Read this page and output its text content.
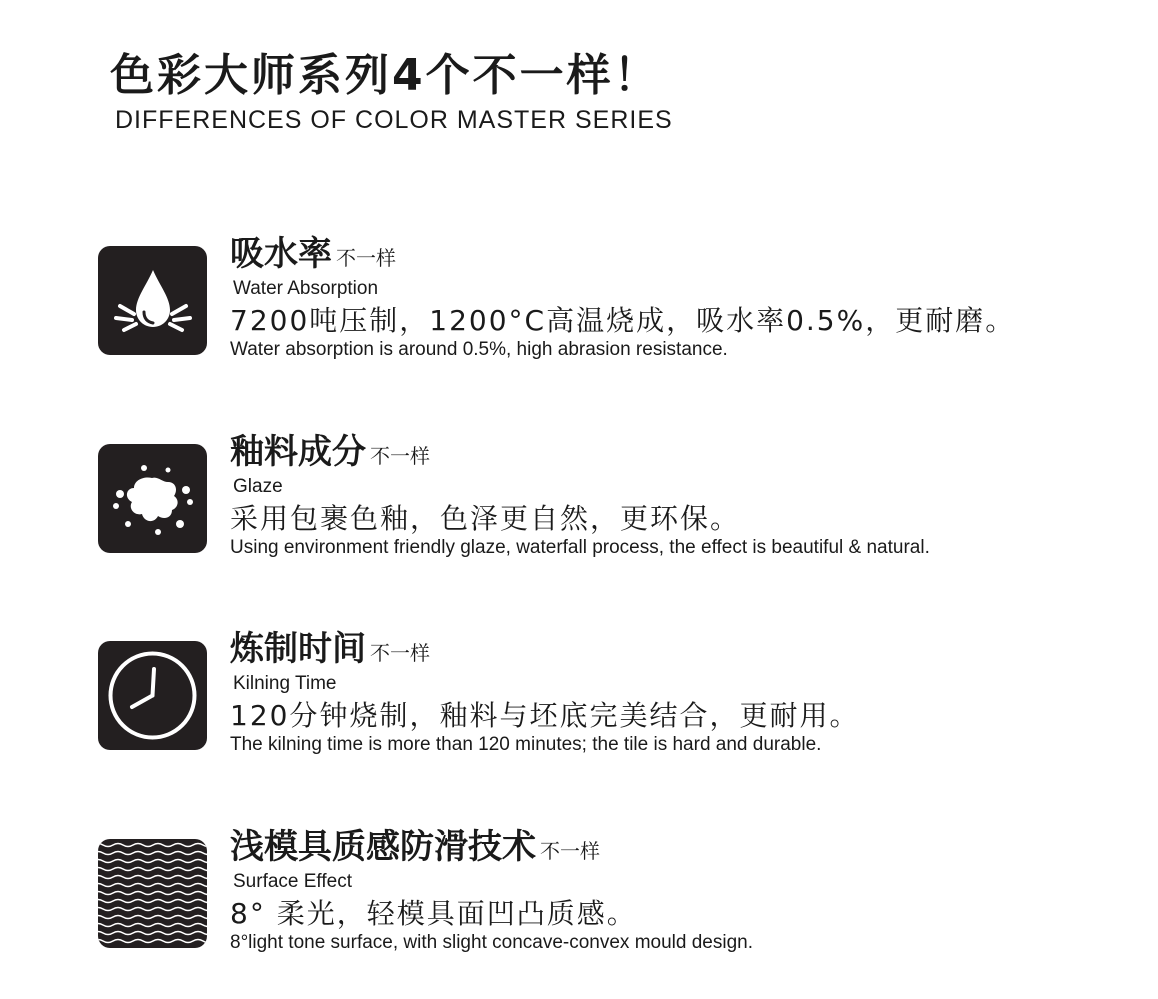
色彩大师系列4个不一样！
DIFFERENCES OF COLOR MASTER SERIES
吸水率 不一样
Water Absorption
7200吨压制，1200°C高温烧成，吸水率0.5%，更耐磨。
Water absorption is around 0.5%, high abrasion resistance.
釉料成分 不一样
Glaze
采用包裹色釉，色泽更自然，更环保。
Using environment friendly glaze, waterfall process, the effect is beautiful & natural.
炼制时间 不一样
Kilning Time
120分钟烧制，釉料与坯底完美结合，更耐用。
The kilning time is more than 120 minutes; the tile is hard and durable.
浅模具质感防滑技术 不一样
Surface Effect
8° 柔光，轻模具面凹凸质感。
8°light tone surface, with slight concave-convex mould design.
